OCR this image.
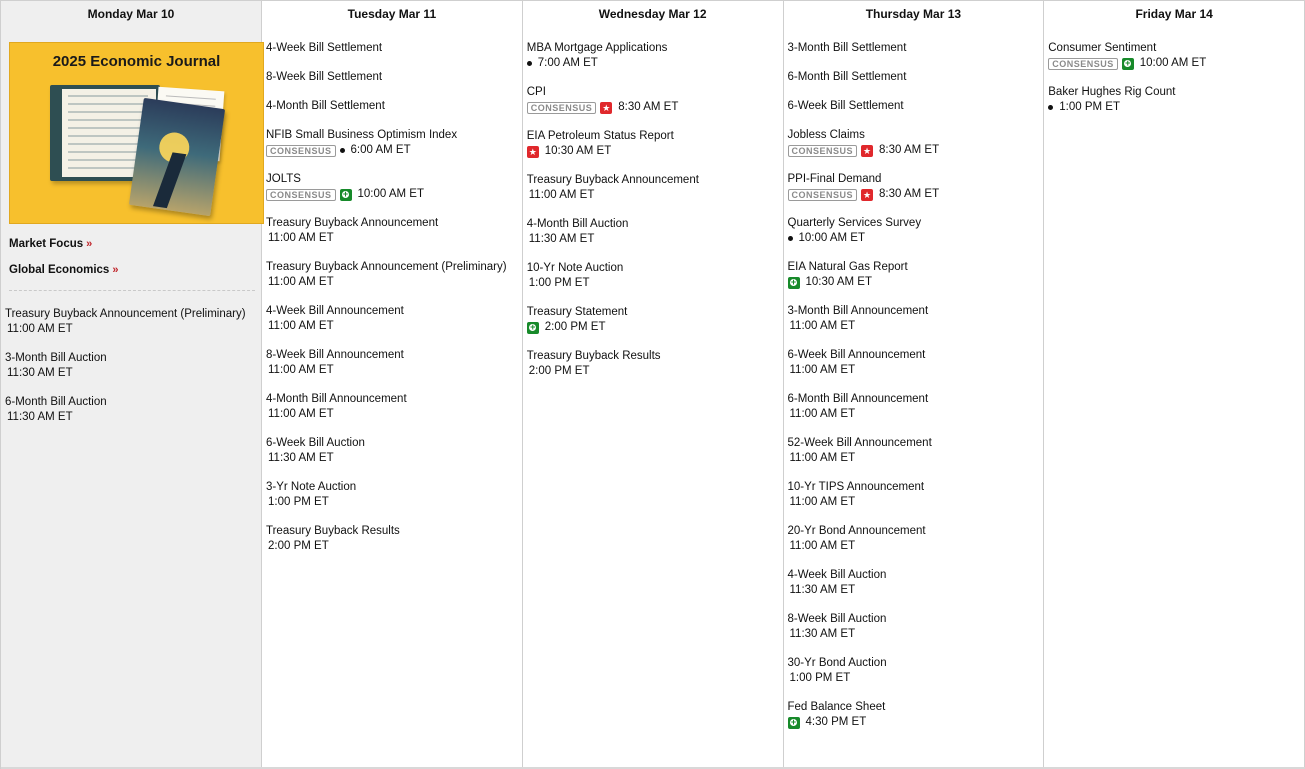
Monday Mar 10
2025 Economic Journal
Market Focus »
Global Economics »
Treasury Buyback Announcement (Preliminary)
11:00 AM ET
3-Month Bill Auction
11:30 AM ET
6-Month Bill Auction
11:30 AM ET
Tuesday Mar 11
4-Week Bill Settlement
8-Week Bill Settlement
4-Month Bill Settlement
NFIB Small Business Optimism Index
CONSENSUS	6:00 AM ET
JOLTS
CONSENSUS +	10:00 AM ET
Treasury Buyback Announcement
11:00 AM ET
Treasury Buyback Announcement (Preliminary)
11:00 AM ET
4-Week Bill Announcement
11:00 AM ET
8-Week Bill Announcement
11:00 AM ET
4-Month Bill Announcement
11:00 AM ET
6-Week Bill Auction
11:30 AM ET
3-Yr Note Auction
1:00 PM ET
Treasury Buyback Results
2:00 PM ET
Wednesday Mar 12
MBA Mortgage Applications
7:00 AM ET
CPI
CONSENSUS	★ 8:30 AM ET
EIA Petroleum Status Report
★ 10:30 AM ET
Treasury Buyback Announcement
11:00 AM ET
4-Month Bill Auction
11:30 AM ET
10-Yr Note Auction
1:00 PM ET
Treasury Statement
+
2:00 PM ET
Treasury Buyback Results
2:00 PM ET
Thursday Mar 13
3-Month Bill Settlement
6-Month Bill Settlement
6-Week Bill Settlement
Jobless Claims
CONSENSUS	★ 8:30 AM ET
PPI-Final Demand
CONSENSUS	★ 8:30 AM ET
Quarterly Services Survey
10:00 AM ET
EIA Natural Gas Report
+
10:30 AM ET
3-Month Bill Announcement
11:00 AM ET
6-Week Bill Announcement
11:00 AM ET
6-Month Bill Announcement
11:00 AM ET
52-Week Bill Announcement
11:00 AM ET
10-Yr TIPS Announcement
11:00 AM ET
20-Yr Bond Announcement
11:00 AM ET
4-Week Bill Auction
11:30 AM ET
8-Week Bill Auction
11:30 AM ET
30-Yr Bond Auction
1:00 PM ET
Fed Balance Sheet
+
4:30 PM ET
Friday Mar 14
Consumer Sentiment
CONSENSUS +	10:00 AM ET
Baker Hughes Rig Count
1:00 PM ET
